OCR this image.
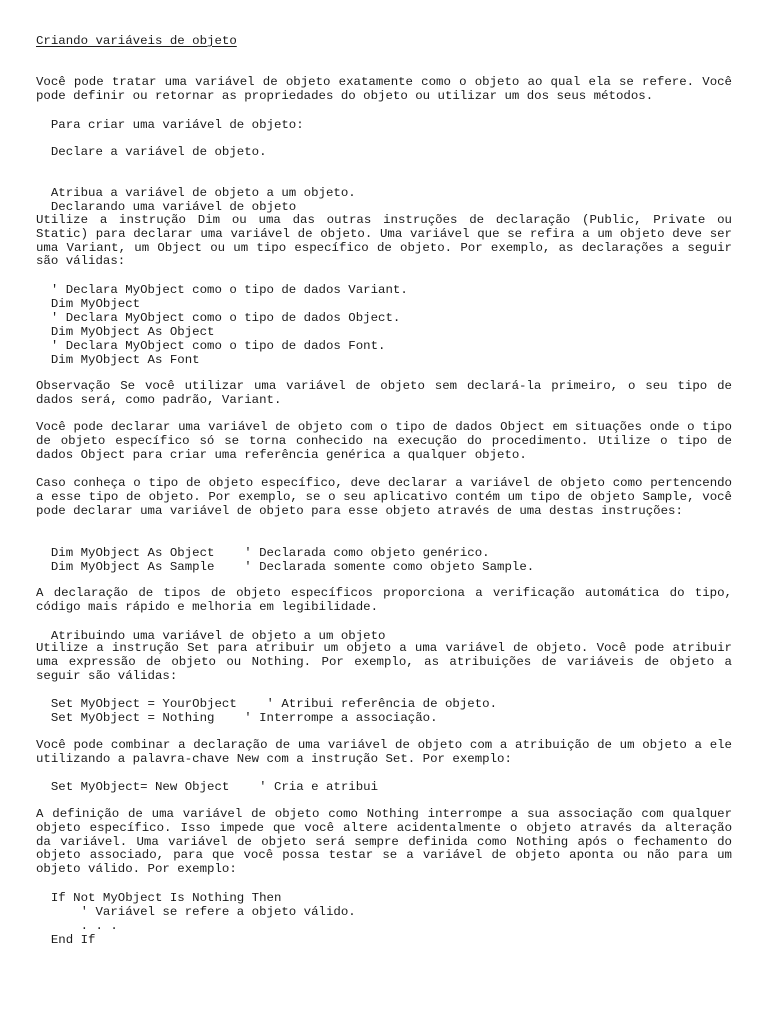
Criando variáveis de objeto
Você pode tratar uma variável de objeto exatamente como o objeto ao qual ela se refere. Você pode definir ou retornar as propriedades do objeto ou utilizar um dos seus métodos.
Para criar uma variável de objeto:
Declare a variável de objeto.
Atribua a variável de objeto a um objeto.
Declarando uma variável de objeto
Utilize a instrução Dim ou uma das outras instruções de declaração (Public, Private ou Static) para declarar uma variável de objeto. Uma variável que se refira a um objeto deve ser uma Variant, um Object ou um tipo específico de objeto. Por exemplo, as declarações a seguir são válidas:
' Declara MyObject como o tipo de dados Variant.
Dim MyObject
' Declara MyObject como o tipo de dados Object.
Dim MyObject As Object
' Declara MyObject como o tipo de dados Font.
Dim MyObject As Font
Observação Se você utilizar uma variável de objeto sem declará-la primeiro, o seu tipo de dados será, como padrão, Variant.
Você pode declarar uma variável de objeto com o tipo de dados Object em situações onde o tipo de objeto específico só se torna conhecido na execução do procedimento. Utilize o tipo de dados Object para criar uma referência genérica a qualquer objeto.
Caso conheça o tipo de objeto específico, deve declarar a variável de objeto como pertencendo a esse tipo de objeto. Por exemplo, se o seu aplicativo contém um tipo de objeto Sample, você pode declarar uma variável de objeto para esse objeto através de uma destas instruções:
Dim MyObject As Object    ' Declarada como objeto genérico.
Dim MyObject As Sample    ' Declarada somente como objeto Sample.
A declaração de tipos de objeto específicos proporciona a verificação automática do tipo, código mais rápido e melhoria em legibilidade.
Atribuindo uma variável de objeto a um objeto
Utilize a instrução Set para atribuir um objeto a uma variável de objeto. Você pode atribuir uma expressão de objeto ou Nothing. Por exemplo, as atribuições de variáveis de objeto a seguir são válidas:
Set MyObject = YourObject    ' Atribui referência de objeto.
Set MyObject = Nothing    ' Interrompe a associação.
Você pode combinar a declaração de uma variável de objeto com a atribuição de um objeto a ele utilizando a palavra-chave New com a instrução Set. Por exemplo:
Set MyObject= New Object    ' Cria e atribui
A definição de uma variável de objeto como Nothing interrompe a sua associação com qualquer objeto específico. Isso impede que você altere acidentalmente o objeto através da alteração da variável. Uma variável de objeto será sempre definida como Nothing após o fechamento do objeto associado, para que você possa testar se a variável de objeto aponta ou não para um objeto válido. Por exemplo:
If Not MyObject Is Nothing Then
' Variável se refere a objeto válido.
. . .
End If
